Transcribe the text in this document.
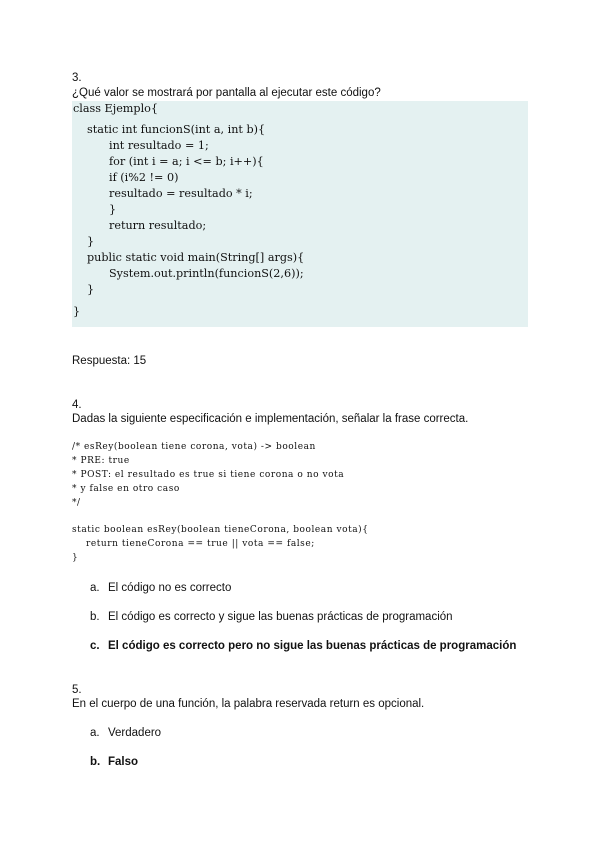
3.
¿Qué valor se mostrará por pantalla al ejecutar este código?
class Ejemplo{
static int funcionS(int a, int b){
int resultado = 1;
for (int i = a; i <= b; i++){
if (i%2 != 0)
resultado = resultado * i;
}
return resultado;
}
public static void main(String[] args){
System.out.println(funcionS(2,6));
}
}
Respuesta: 15
4.
Dadas la siguiente especificación e implementación, señalar la frase correcta.
/* esRey(boolean tiene corona, vota) -> boolean
* PRE: true
* POST: el resultado es true si tiene corona o no vota
* y false en otro caso
*/
static boolean esRey(boolean tieneCorona, boolean vota){
return tieneCorona == true || vota == false;
}
a. El código no es correcto
b. El código es correcto y sigue las buenas prácticas de programación
c. El código es correcto pero no sigue las buenas prácticas de programación
5.
En el cuerpo de una función, la palabra reservada return es opcional.
a. Verdadero
b. Falso
